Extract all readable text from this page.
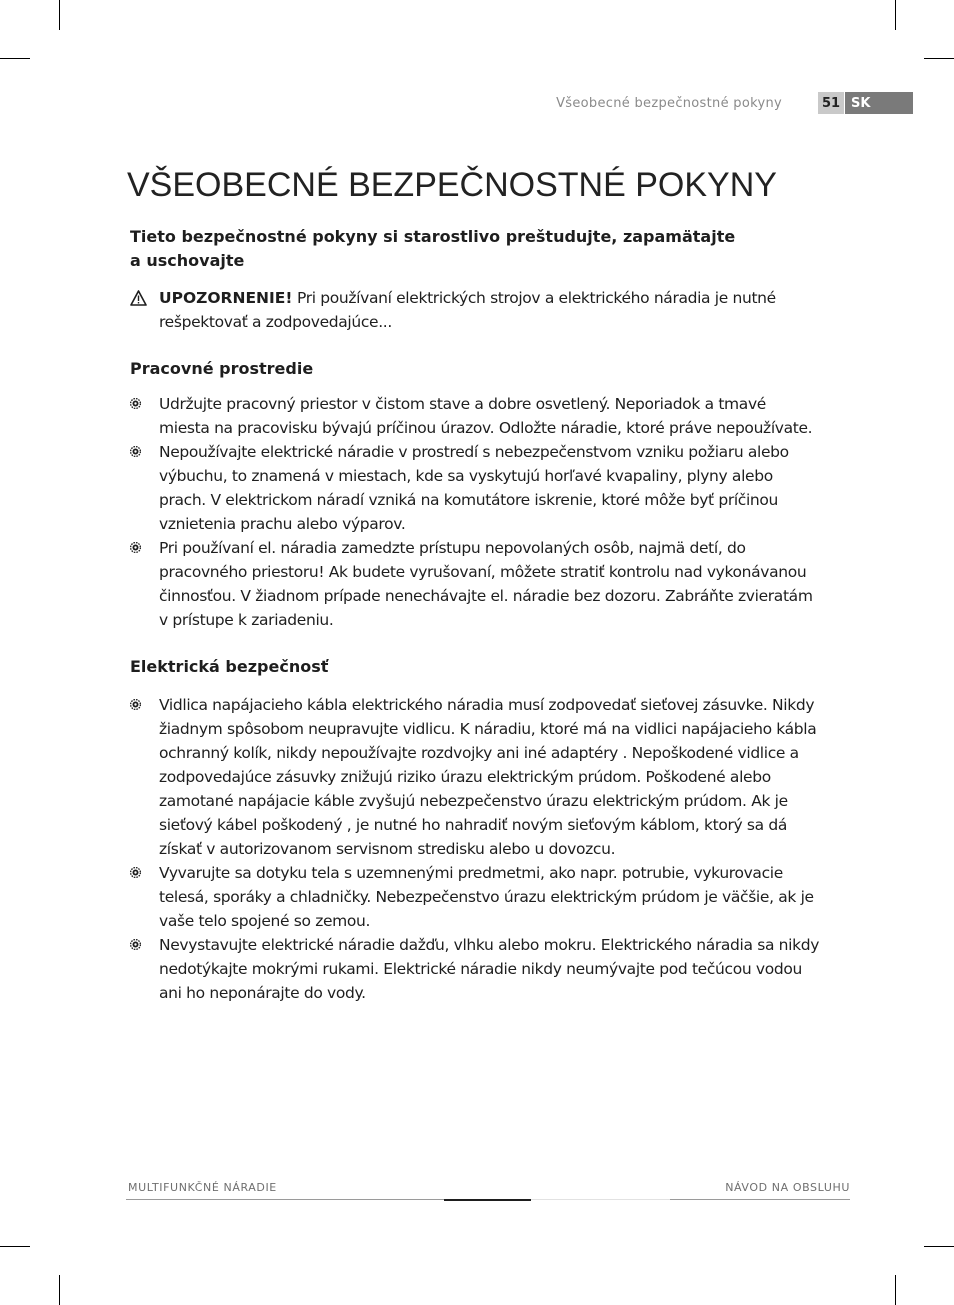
Všeobecné bezpečnostné pokyny	51 SK
VŠEOBECNÉ BEZPEČNOSTNÉ POKYNY

Tieto bezpečnostné pokyny si starostlivo preštudujte, zapamätajte a uschovajte

UPOZORNENIE! Pri používaní elektrických strojov a elektrického náradia je nutné rešpektovať a zodpovedajúce...
Pracovné prostredie
Udržujte pracovný priestor v čistom stave a dobre osvetlený. Neporiadok a tmavé miesta na pracovisku bývajú príčinou úrazov. Odložte náradie, ktoré práve nepoužívate.
Nepoužívajte elektrické náradie v prostredí s nebezpečenstvom vzniku požiaru alebo výbuchu, to znamená v miestach, kde sa vyskytujú horľavé kvapaliny, plyny alebo prach. V elektrickom náradí vzniká na komutátore iskrenie, ktoré môže byť príčinou vznietenia prachu alebo výparov.
Pri používaní el. náradia zamedzte prístupu nepovolaných osôb, najmä detí, do pracovného priestoru! Ak budete vyrušovaní, môžete stratiť kontrolu nad vykonávanou činnosťou. V žiadnom prípade nenechávajte el. náradie bez dozoru. Zabráňte zvieratám v prístupe k zariadeniu.
Elektrická bezpečnosť
Vidlica napájacieho kábla elektrického náradia musí zodpovedať sieťovej zásuvke. Nikdy žiadnym spôsobom neupravujte vidlicu. K náradiu, ktoré má na vidlici napájacieho kábla ochranný kolík, nikdy nepoužívajte rozdvojky ani iné adaptéry . Nepoškodené vidlice a zodpovedajúce zásuvky znižujú riziko úrazu elektrickým prúdom. Poškodené alebo zamotané napájacie káble zvyšujú nebezpečenstvo úrazu elektrickým prúdom. Ak je sieťový kábel poškodený , je nutné ho nahradiť novým sieťovým káblom, ktorý sa dá získať v autorizovanom servisnom stredisku alebo u dovozcu.
Vyvarujte sa dotyku tela s uzemnenými predmetmi, ako napr. potrubie, vykurovacie telesá, sporáky a chladničky. Nebezpečenstvo úrazu elektrickým prúdom je väčšie, ak je vaše telo spojené so zemou.
Nevystavujte elektrické náradie dažďu, vlhku alebo mokru. Elektrického náradia sa nikdy nedotýkajte mokrými rukami. Elektrické náradie nikdy neumývajte pod tečúcou vodou ani ho neponárajte do vody.
MULTIFUNKČNÉ NÁRADIE	NÁVOD NA OBSLUHU
